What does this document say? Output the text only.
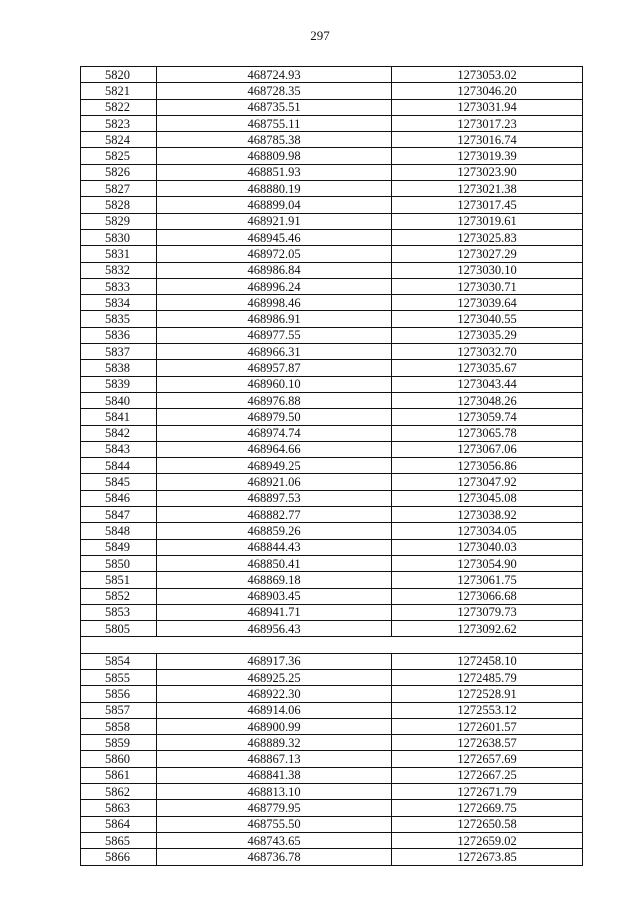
297
5820	468724.93	1273053.02
5821	468728.35	1273046.20
5822	468735.51	1273031.94
5823	468755.11	1273017.23
5824	468785.38	1273016.74
5825	468809.98	1273019.39
5826	468851.93	1273023.90
5827	468880.19	1273021.38
5828	468899.04	1273017.45
5829	468921.91	1273019.61
5830	468945.46	1273025.83
5831	468972.05	1273027.29
5832	468986.84	1273030.10
5833	468996.24	1273030.71
5834	468998.46	1273039.64
5835	468986.91	1273040.55
5836	468977.55	1273035.29
5837	468966.31	1273032.70
5838	468957.87	1273035.67
5839	468960.10	1273043.44
5840	468976.88	1273048.26
5841	468979.50	1273059.74
5842	468974.74	1273065.78
5843	468964.66	1273067.06
5844	468949.25	1273056.86
5845	468921.06	1273047.92
5846	468897.53	1273045.08
5847	468882.77	1273038.92
5848	468859.26	1273034.05
5849	468844.43	1273040.03
5850	468850.41	1273054.90
5851	468869.18	1273061.75
5852	468903.45	1273066.68
5853	468941.71	1273079.73
5805	468956.43	1273092.62

5854	468917.36	1272458.10
5855	468925.25	1272485.79
5856	468922.30	1272528.91
5857	468914.06	1272553.12
5858	468900.99	1272601.57
5859	468889.32	1272638.57
5860	468867.13	1272657.69
5861	468841.38	1272667.25
5862	468813.10	1272671.79
5863	468779.95	1272669.75
5864	468755.50	1272650.58
5865	468743.65	1272659.02
5866	468736.78	1272673.85
